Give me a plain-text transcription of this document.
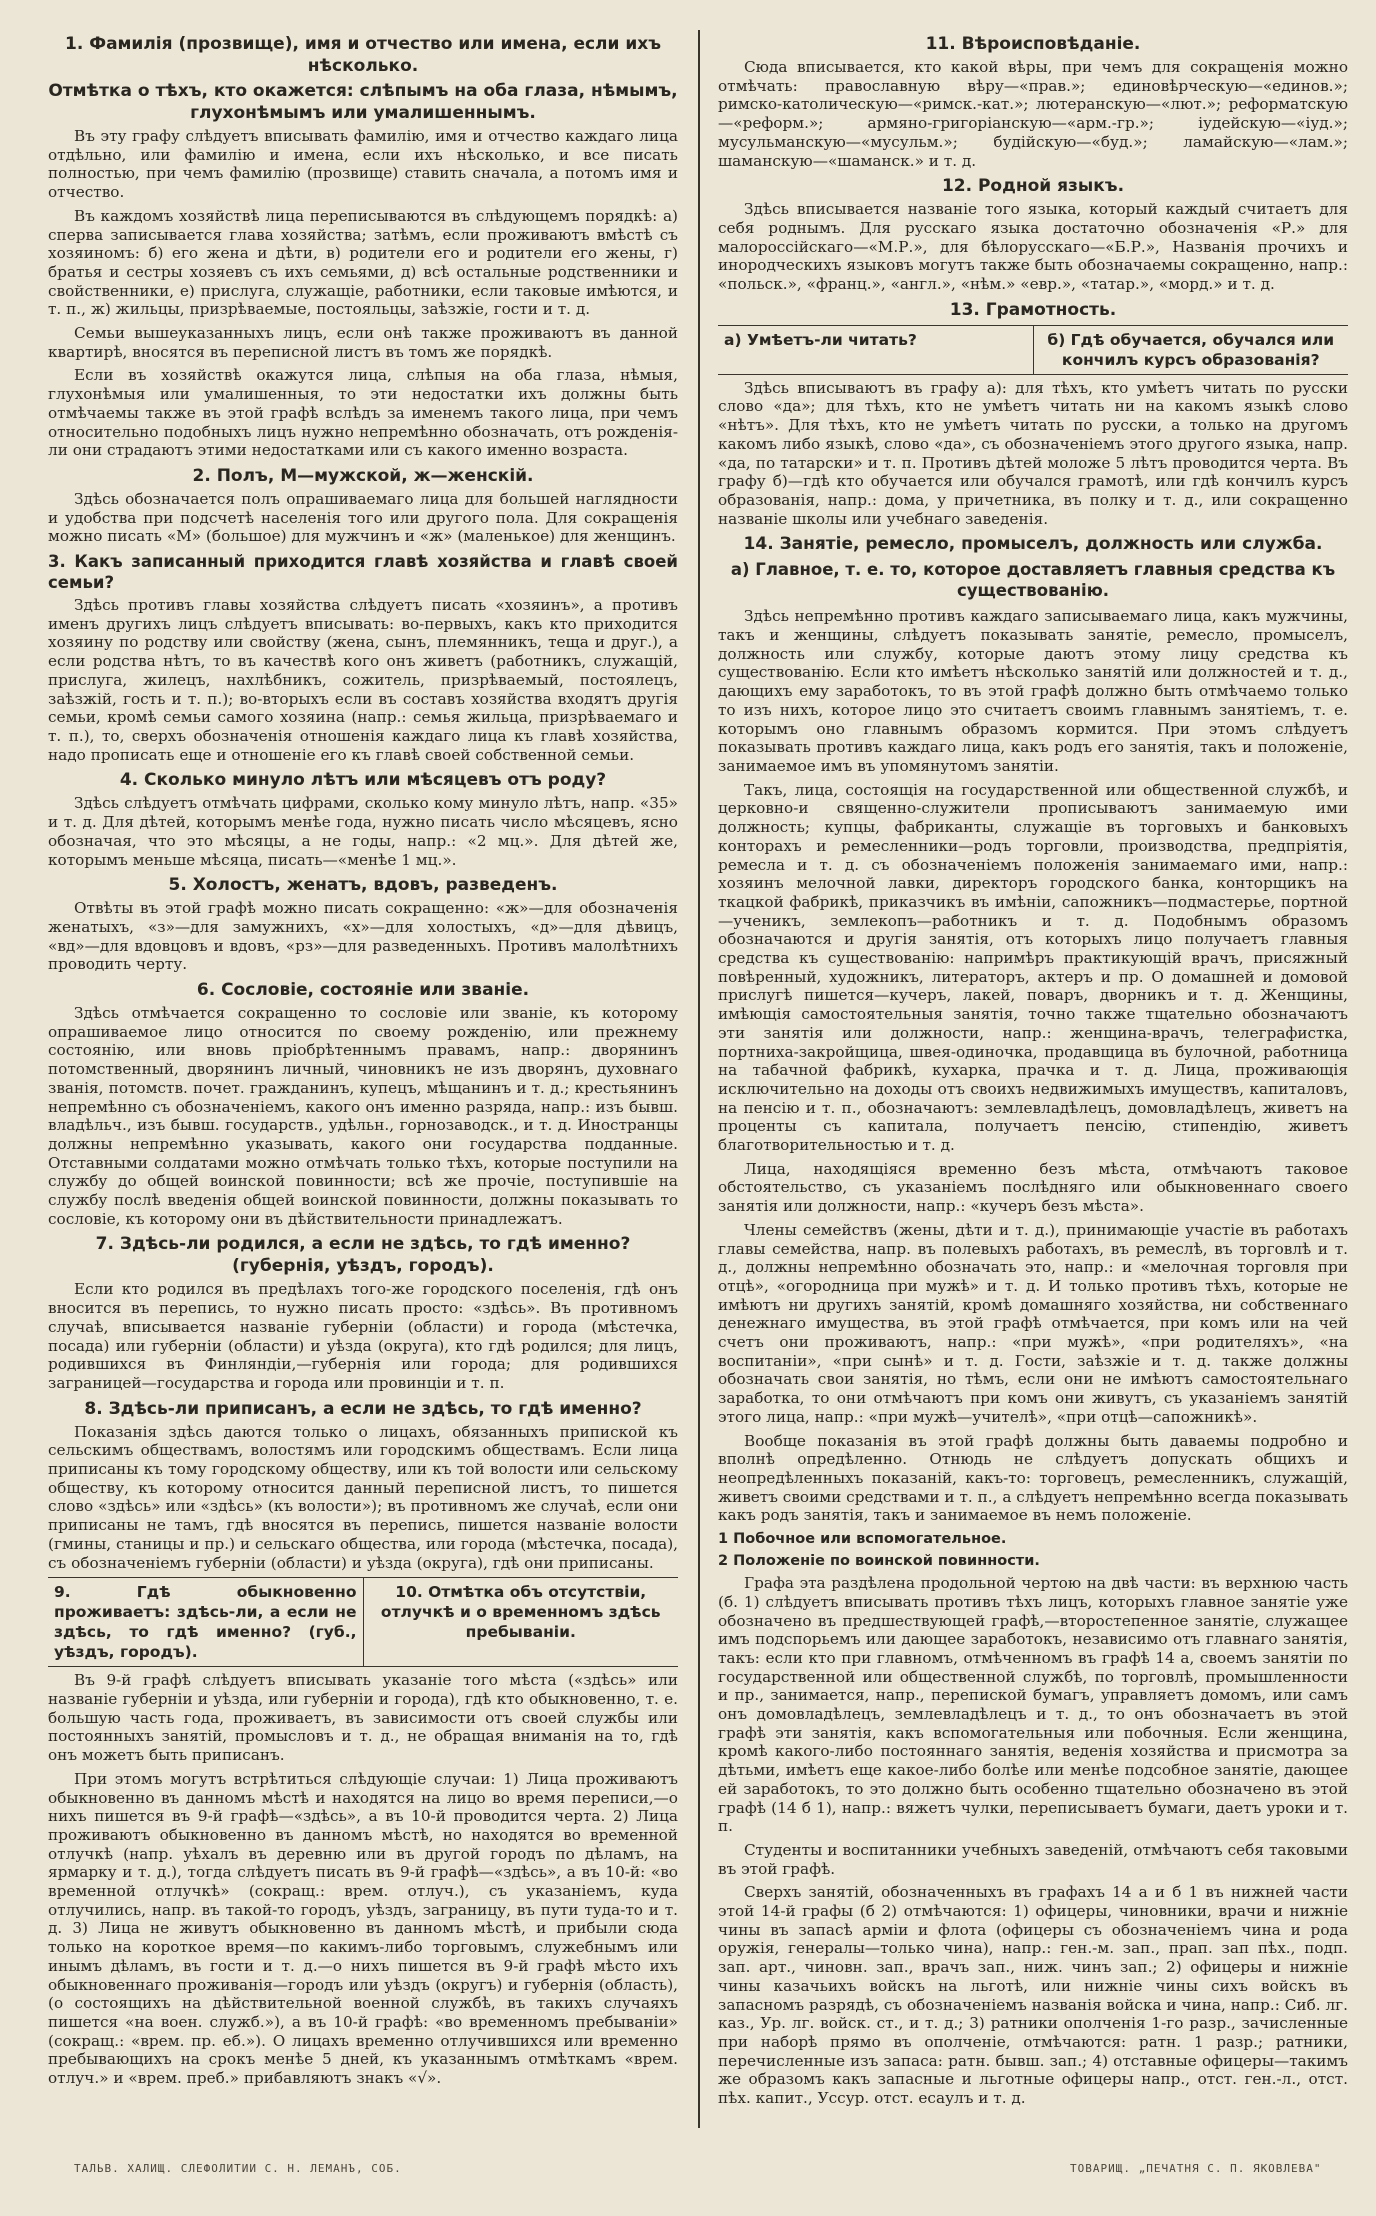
1. Фамилія (прозвище), имя и отчество или имена, если ихъ нѣсколько.
Отмѣтка о тѣхъ, кто окажется: слѣпымъ на оба глаза, нѣмымъ, глухонѣмымъ или умалишеннымъ.

Въ эту графу слѣдуетъ вписывать фамилію, имя и отчество каждаго лица отдѣльно, или фамилію и имена, если ихъ нѣсколько, и все писать полностью, при чемъ фамилію (прозвище) ставить сначала, а потомъ имя и отчество.

Въ каждомъ хозяйствѣ лица переписываются въ слѣдующемъ порядкѣ: а) сперва записывается глава хозяйства; затѣмъ, если проживаютъ вмѣстѣ съ хозяиномъ: б) его жена и дѣти, в) родители его и родители его жены, г) братья и сестры хозяевъ съ ихъ семьями, д) всѣ остальные родственники и свойственники, е) прислуга, служащіе, работники, если таковые имѣются, и т. п., ж) жильцы, призрѣваемые, постояльцы, заѣзжіе, гости и т. д.

Семьи вышеуказанныхъ лицъ, если онѣ также проживаютъ въ данной квартирѣ, вносятся въ переписной листъ въ томъ же порядкѣ.

Если въ хозяйствѣ окажутся лица, слѣпыя на оба глаза, нѣмыя, глухонѣмыя или умалишенныя, то эти недостатки ихъ должны быть отмѣчаемы также въ этой графѣ вслѣдъ за именемъ такого лица, при чемъ относительно подобныхъ лицъ нужно непремѣнно обозначать, отъ рожденія-ли они страдаютъ этими недостатками или съ какого именно возраста.

2. Полъ, М—мужской, ж—женскій.

Здѣсь обозначается полъ опрашиваемаго лица для большей наглядности и удобства при подсчетѣ населенія того или другого пола. Для сокращенія можно писать «М» (большое) для мужчинъ и «ж» (маленькое) для женщинъ.

3. Какъ записанный приходится главѣ хозяйства и главѣ своей семьи?

Здѣсь противъ главы хозяйства слѣдуетъ писать «хозяинъ», а противъ именъ другихъ лицъ слѣдуетъ вписывать: во-первыхъ, какъ кто приходится хозяину по родству или свойству (жена, сынъ, племянникъ, теща и друг.), а если родства нѣтъ, то въ качествѣ кого онъ живетъ (работникъ, служащій, прислуга, жилецъ, нахлѣбникъ, сожитель, призрѣваемый, постоялецъ, заѣзжій, гость и т. п.); во-вторыхъ если въ составъ хозяйства входятъ другія семьи, кромѣ семьи самого хозяина (напр.: семья жильца, призрѣваемаго и т. п.), то, сверхъ обозначенія отношенія каждаго лица къ главѣ хозяйства, надо прописать еще и отношеніе его къ главѣ своей собственной семьи.

4. Сколько минуло лѣтъ или мѣсяцевъ отъ роду?

Здѣсь слѣдуетъ отмѣчать цифрами, сколько кому минуло лѣтъ, напр. «35» и т. д. Для дѣтей, которымъ менѣе года, нужно писать число мѣсяцевъ, ясно обозначая, что это мѣсяцы, а не годы, напр.: «2 мц.». Для дѣтей же, которымъ меньше мѣсяца, писать—«менѣе 1 мц.».

5. Холостъ, женатъ, вдовъ, разведенъ.

Отвѣты въ этой графѣ можно писать сокращенно: «ж»—для обозначенія женатыхъ, «з»—для замужнихъ, «х»—для холостыхъ, «д»—для дѣвицъ, «вд»—для вдовцовъ и вдовъ, «рз»—для разведенныхъ. Противъ малолѣтнихъ проводить черту.

6. Сословіе, состояніе или званіе.

Здѣсь отмѣчается сокращенно то сословіе или званіе, къ которому опрашиваемое лицо относится по своему рожденію, или прежнему состоянію, или вновь пріобрѣтеннымъ правамъ, напр.: дворянинъ потомственный, дворянинъ личный, чиновникъ не изъ дворянъ, духовнаго званія, потомств. почет. гражданинъ, купецъ, мѣщанинъ и т. д.; крестьянинъ непремѣнно съ обозначеніемъ, какого онъ именно разряда, напр.: изъ бывш. владѣльч., изъ бывш. государств., удѣльн., горнозаводск., и т. д. Иностранцы должны непремѣнно указывать, какого они государства подданные. Отставными солдатами можно отмѣчать только тѣхъ, которые поступили на службу до общей воинской повинности; всѣ же прочіе, поступившіе на службу послѣ введенія общей воинской повинности, должны показывать то сословіе, къ которому они въ дѣйствительности принадлежатъ.

7. Здѣсь-ли родился, а если не здѣсь, то гдѣ именно? (губернія, уѣздъ, городъ).

Если кто родился въ предѣлахъ того-же городского поселенія, гдѣ онъ вносится въ перепись, то нужно писать просто: «здѣсь». Въ противномъ случаѣ, вписывается названіе губерніи (области) и города (мѣстечка, посада) или губерніи (области) и уѣзда (округа), кто гдѣ родился; для лицъ, родившихся въ Финляндіи,—губернія или города; для родившихся заграницей—государства и города или провинціи и т. п.

8. Здѣсь-ли приписанъ, а если не здѣсь, то гдѣ именно?

Показанія здѣсь даются только о лицахъ, обязанныхъ припиской къ сельскимъ обществамъ, волостямъ или городскимъ обществамъ. Если лица приписаны къ тому городскому обществу, или къ той волости или сельскому обществу, къ которому относится данный переписной листъ, то пишется слово «здѣсь» или «здѣсь» (къ волости»); въ противномъ же случаѣ, если они приписаны не тамъ, гдѣ вносятся въ перепись, пишется названіе волости (гмины, станицы и пр.) и сельскаго общества, или города (мѣстечка, посада), съ обозначеніемъ губерніи (области) и уѣзда (округа), гдѣ они приписаны.

9. Гдѣ обыкновенно проживаетъ: здѣсь-ли, а если не здѣсь, то гдѣ именно? (губ., уѣздъ, городъ).
10. Отмѣтка объ отсутствіи, отлучкѣ и о временномъ здѣсь пребываніи.

Въ 9-й графѣ слѣдуетъ вписывать указаніе того мѣста («здѣсь» или названіе губерніи и уѣзда, или губерніи и города), гдѣ кто обыкновенно, т. е. большую часть года, проживаетъ, въ зависимости отъ своей службы или постоянныхъ занятій, промысловъ и т. д., не обращая вниманія на то, гдѣ онъ можетъ быть приписанъ.

При этомъ могутъ встрѣтиться слѣдующіе случаи: 1) Лица проживаютъ обыкновенно въ данномъ мѣстѣ и находятся на лицо во время переписи,—о нихъ пишется въ 9-й графѣ—«здѣсь», а въ 10-й проводится черта. 2) Лица проживаютъ обыкновенно въ данномъ мѣстѣ, но находятся во временной отлучкѣ (напр. уѣхалъ въ деревню или въ другой городъ по дѣламъ, на ярмарку и т. д.), тогда слѣдуетъ писать въ 9-й графѣ—«здѣсь», а въ 10-й: «во временной отлучкѣ» (сокращ.: врем. отлуч.), съ указаніемъ, куда отлучились, напр. въ такой-то городъ, уѣздъ, заграницу, въ пути туда-то и т. д. 3) Лица не живутъ обыкновенно въ данномъ мѣстѣ, и прибыли сюда только на короткое время—по какимъ-либо торговымъ, служебнымъ или инымъ дѣламъ, въ гости и т. д.—о нихъ пишется въ 9-й графѣ мѣсто ихъ обыкновеннаго проживанія—городъ или уѣздъ (округъ) и губернія (область), (о состоящихъ на дѣйствительной военной службѣ, въ такихъ случаяхъ пишется «на воен. служб.»), а въ 10-й графѣ: «во временномъ пребываніи» (сокращ.: «врем. пр. еб.»). О лицахъ временно отлучившихся или временно пребывающихъ на срокъ менѣе 5 дней, къ указаннымъ отмѣткамъ «врем. отлуч.» и «врем. преб.» прибавляютъ знакъ «√».

11. Вѣроисповѣданіе.

Сюда вписывается, кто какой вѣры, при чемъ для сокращенія можно отмѣчать: православную вѣру—«прав.»; единовѣрческую—«единов.»; римско-католическую—«римск.-кат.»; лютеранскую—«лют.»; реформатскую—«реформ.»; армяно-григоріанскую—«арм.-гр.»; іудейскую—«іуд.»; мусульманскую—«мусульм.»; будійскую—«буд.»; ламайскую—«лам.»; шаманскую—«шаманск.» и т. д.

12. Родной языкъ.

Здѣсь вписывается названіе того языка, который каждый считаетъ для себя роднымъ. Для русскаго языка достаточно обозначенія «Р.» для малороссійскаго—«М.Р.», для бѣлорусскаго—«Б.Р.», Названія прочихъ и инородческихъ языковъ могутъ также быть обозначаемы сокращенно, напр.: «польск.», «франц.», «англ.», «нѣм.» «евр.», «татар.», «морд.» и т. д.

13. Грамотность.
а) Умѣетъ-ли читать?	б) Гдѣ обучается, обучался или кончилъ курсъ образованія?

Здѣсь вписываютъ въ графу а): для тѣхъ, кто умѣетъ читать по русски слово «да»; для тѣхъ, кто не умѣетъ читать ни на какомъ языкѣ слово «нѣтъ». Для тѣхъ, кто не умѣетъ читать по русски, а только на другомъ какомъ либо языкѣ, слово «да», съ обозначеніемъ этого другого языка, напр. «да, по татарски» и т. п. Противъ дѣтей моложе 5 лѣтъ проводится черта. Въ графу б)—гдѣ кто обучается или обучался грамотѣ, или гдѣ кончилъ курсъ образованія, напр.: дома, у причетника, въ полку и т. д., или сокращенно названіе школы или учебнаго заведенія.

14. Занятіе, ремесло, промыселъ, должность или служба.
а) Главное, т. е. то, которое доставляетъ главныя средства къ существованію.

Здѣсь непремѣнно противъ каждаго записываемаго лица, какъ мужчины, такъ и женщины, слѣдуетъ показывать занятіе, ремесло, промыселъ, должность или службу, которые даютъ этому лицу средства къ существованію. Если кто имѣетъ нѣсколько занятій или должностей и т. д., дающихъ ему заработокъ, то въ этой графѣ должно быть отмѣчаемо только то изъ нихъ, которое лицо это считаетъ своимъ главнымъ занятіемъ, т. е. которымъ оно главнымъ образомъ кормится. При этомъ слѣдуетъ показывать противъ каждаго лица, какъ родъ его занятія, такъ и положеніе, занимаемое имъ въ упомянутомъ занятіи.

Такъ, лица, состоящія на государственной или общественной службѣ, и церковно-и священно-служители прописываютъ занимаемую ими должность; купцы, фабриканты, служащіе въ торговыхъ и банковыхъ конторахъ и ремесленники—родъ торговли, производства, предпріятія, ремесла и т. д. съ обозначеніемъ положенія занимаемаго ими, напр.: хозяинъ мелочной лавки, директоръ городского банка, конторщикъ на ткацкой фабрикѣ, приказчикъ въ имѣніи, сапожникъ—подмастерье, портной—ученикъ, землекопъ—работникъ и т. д. Подобнымъ образомъ обозначаются и другія занятія, отъ которыхъ лицо получаетъ главныя средства къ существованію: напримѣръ практикующій врачъ, присяжный повѣренный, художникъ, литераторъ, актеръ и пр. О домашней и домовой прислугѣ пишется—кучеръ, лакей, поваръ, дворникъ и т. д. Женщины, имѣющія самостоятельныя занятія, точно также тщательно обозначаютъ эти занятія или должности, напр.: женщина-врачъ, телеграфистка, портниха-закройщица, швея-одиночка, продавщица въ булочной, работница на табачной фабрикѣ, кухарка, прачка и т. д. Лица, проживающія исключительно на доходы отъ своихъ недвижимыхъ имуществъ, капиталовъ, на пенсію и т. п., обозначаютъ: землевладѣлецъ, домовладѣлецъ, живетъ на проценты съ капитала, получаетъ пенсію, стипендію, живетъ благотворительностью и т. д.

Лица, находящіяся временно безъ мѣста, отмѣчаютъ таковое обстоятельство, съ указаніемъ послѣдняго или обыкновеннаго своего занятія или должности, напр.: «кучеръ безъ мѣста».

Члены семействъ (жены, дѣти и т. д.), принимающіе участіе въ работахъ главы семейства, напр. въ полевыхъ работахъ, въ ремеслѣ, въ торговлѣ и т. д., должны непремѣнно обозначать это, напр.: и «мелочная торговля при отцѣ», «огородница при мужѣ» и т. д. И только противъ тѣхъ, которые не имѣютъ ни другихъ занятій, кромѣ домашняго хозяйства, ни собственнаго денежнаго имущества, въ этой графѣ отмѣчается, при комъ или на чей счетъ они проживаютъ, напр.: «при мужѣ», «при родителяхъ», «на воспитаніи», «при сынѣ» и т. д. Гости, заѣзжіе и т. д. также должны обозначать свои занятія, но тѣмъ, если они не имѣютъ самостоятельнаго заработка, то они отмѣчаютъ при комъ они живутъ, съ указаніемъ занятій этого лица, напр.: «при мужѣ—учителѣ», «при отцѣ—сапожникѣ».

Вообще показанія въ этой графѣ должны быть даваемы подробно и вполнѣ опредѣленно. Отнюдь не слѣдуетъ допускать общихъ и неопредѣленныхъ показаній, какъ-то: торговецъ, ремесленникъ, служащій, живетъ своими средствами и т. п., а слѣдуетъ непремѣнно всегда показывать какъ родъ занятія, такъ и занимаемое въ немъ положеніе.

1 Побочное или вспомогательное.
2 Положеніе по воинской повинности.

Графа эта раздѣлена продольной чертою на двѣ части: въ верхнюю часть (б. 1) слѣдуетъ вписывать противъ тѣхъ лицъ, которыхъ главное занятіе уже обозначено въ предшествующей графѣ,—второстепенное занятіе, служащее имъ подспорьемъ или дающее заработокъ, независимо отъ главнаго занятія, такъ: если кто при главномъ, отмѣченномъ въ графѣ 14 а, своемъ занятіи по государственной или общественной службѣ, по торговлѣ, промышленности и пр., занимается, напр., перепиской бумагъ, управляетъ домомъ, или самъ онъ домовладѣлецъ, землевладѣлецъ и т. д., то онъ обозначаетъ въ этой графѣ эти занятія, какъ вспомогательныя или побочныя. Если женщина, кромѣ какого-либо постояннаго занятія, веденія хозяйства и присмотра за дѣтьми, имѣетъ еще какое-либо болѣе или менѣе подсобное занятіе, дающее ей заработокъ, то это должно быть особенно тщательно обозначено въ этой графѣ (14 б 1), напр.: вяжетъ чулки, переписываетъ бумаги, даетъ уроки и т. п.

Студенты и воспитанники учебныхъ заведеній, отмѣчаютъ себя таковыми въ этой графѣ.

Сверхъ занятій, обозначенныхъ въ графахъ 14 а и б 1 въ нижней части этой 14-й графы (б 2) отмѣчаются: 1) офицеры, чиновники, врачи и нижніе чины въ запасѣ арміи и флота (офицеры съ обозначеніемъ чина и рода оружія, генералы—только чина), напр.: ген.-м. зап., прап. зап пѣх., подп. зап. арт., чиновн. зап., врачъ зап., ниж. чинъ зап.; 2) офицеры и нижніе чины казачьихъ войскъ на льготѣ, или нижніе чины сихъ войскъ въ запасномъ разрядѣ, съ обозначеніемъ названія войска и чина, напр.: Сиб. лг. каз., Ур. лг. войск. ст., и т. д.; 3) ратники ополченія 1-го разр., зачисленные при наборѣ прямо въ ополченіе, отмѣчаются: ратн. 1 разр.; ратники, перечисленные изъ запаса: ратн. бывш. зап.; 4) отставные офицеры—такимъ же образомъ какъ запасные и льготные офицеры напр., отст. ген.-л., отст. пѣх. капит., Уссур. отст. есаулъ и т. д.

ТАЛЬВ. ХАЛИЩ. СЛЕФОЛИТИИ С. Н. ЛЕМАНЪ, СОБ.	ТОВАРИЩ. „ПЕЧАТНЯ С. П. ЯКОВЛЕВА"
